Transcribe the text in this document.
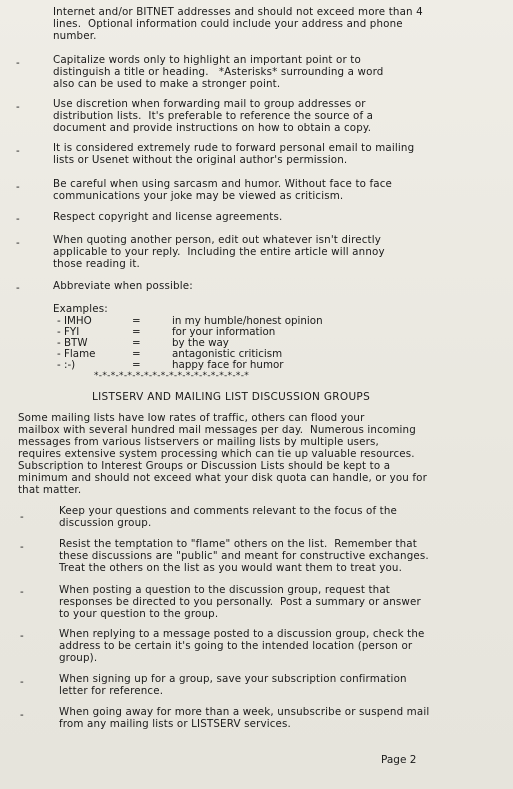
Internet and/or BITNET addresses and should not exceed more than 4
lines.  Optional information could include your address and phone
number.
-	Capitalize words only to highlight an important point or to
distinguish a title or heading.   *Asterisks* surrounding a word
also can be used to make a stronger point.
-	Use discretion when forwarding mail to group addresses or
distribution lists.  It's preferable to reference the source of a
document and provide instructions on how to obtain a copy.
-	It is considered extremely rude to forward personal email to mailing
lists or Usenet without the original author's permission.
-	Be careful when using sarcasm and humor. Without face to face
communications your joke may be viewed as criticism.
-	Respect copyright and license agreements.
-	When quoting another person, edit out whatever isn't directly
applicable to your reply.  Including the entire article will annoy
those reading it.
-	Abbreviate when possible:
Examples:
- IMHO	=	in my humble/honest opinion
- FYI	=	for your information
- BTW	=	by the way
- Flame	=	antagonistic criticism
- :-)	=	happy face for humor
*-*-*-*-*-*-*-*-*-*-*-*-*-*-*-*-*-*-*
LISTSERV AND MAILING LIST DISCUSSION GROUPS
Some mailing lists have low rates of traffic, others can flood your
mailbox with several hundred mail messages per day.  Numerous incoming
messages from various listservers or mailing lists by multiple users,
requires extensive system processing which can tie up valuable resources.
Subscription to Interest Groups or Discussion Lists should be kept to a
minimum and should not exceed what your disk quota can handle, or you for
that matter.
-	Keep your questions and comments relevant to the focus of the
discussion group.
-	Resist the temptation to "flame" others on the list.  Remember that
these discussions are "public" and meant for constructive exchanges.
Treat the others on the list as you would want them to treat you.
-	When posting a question to the discussion group, request that
responses be directed to you personally.  Post a summary or answer
to your question to the group.
-	When replying to a message posted to a discussion group, check the
address to be certain it's going to the intended location (person or
group).
-	When signing up for a group, save your subscription confirmation
letter for reference.
-	When going away for more than a week, unsubscribe or suspend mail
from any mailing lists or LISTSERV services.
Page 2
